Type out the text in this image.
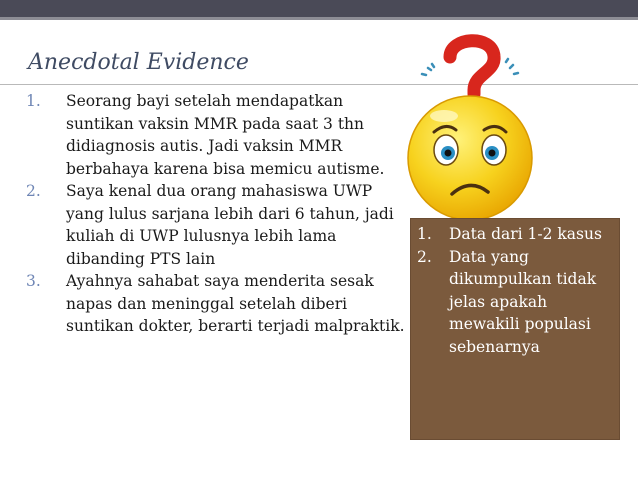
Anecdotal Evidence
1. Seorang bayi setelah mendapatkan suntikan vaksin MMR pada saat 3 thn didiagnosis autis. Jadi vaksin MMR berbahaya karena bisa memicu autisme.
2. Saya kenal dua orang mahasiswa UWP yang lulus sarjana lebih dari 6 tahun, jadi kuliah di UWP lulusnya lebih lama dibanding PTS lain
3. Ayahnya sahabat saya menderita sesak napas dan meninggal setelah diberi suntikan dokter, berarti terjadi malpraktik.
1. Data dari 1-2 kasus
2. Data yang dikumpulkan tidak jelas apakah mewakili populasi sebenarnya
